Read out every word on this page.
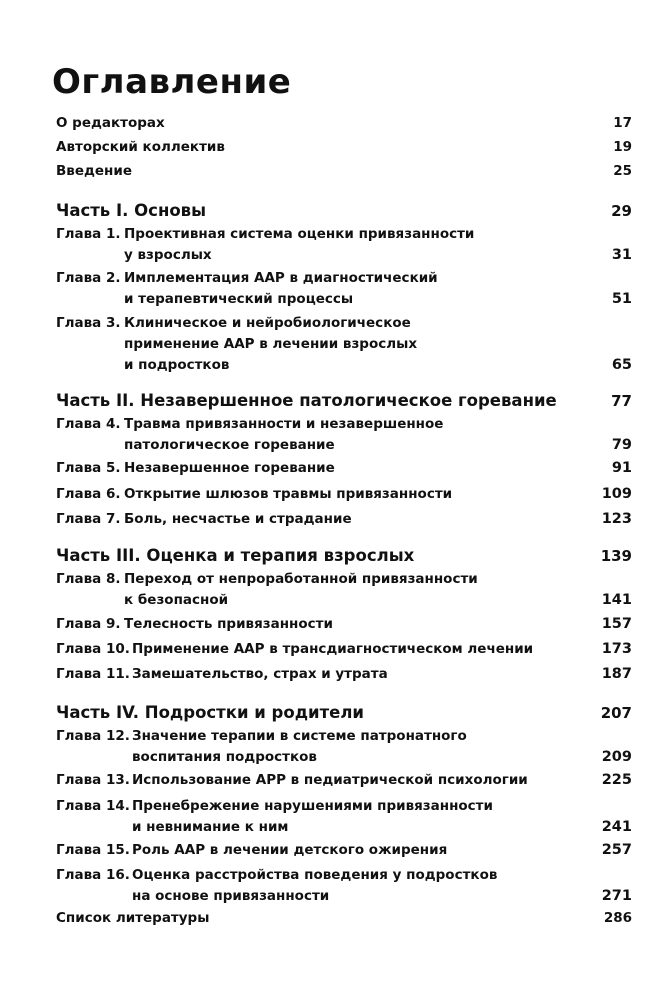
Оглавление
О редакторах	17
Авторский коллектив	19
Введение	25
Часть I. Основы	29
Глава 1. Проективная система оценки привязанности
у взрослых	31
Глава 2. Имплементация AAP в диагностический
и терапевтический процессы	51
Глава 3. Клиническое и нейробиологическое
применение AAP в лечении взрослых
и подростков	65
Часть II. Незавершенное патологическое горевание	77
Глава 4. Травма привязанности и незавершенное
патологическое горевание	79
Глава 5. Незавершенное горевание	91
Глава 6. Открытие шлюзов травмы привязанности	109
Глава 7. Боль, несчастье и страдание	123
Часть III. Оценка и терапия взрослых	139
Глава 8. Переход от непроработанной привязанности
к безопасной	141
Глава 9. Телесность привязанности	157
Глава 10. Применение AAP в трансдиагностическом лечении	173
Глава 11. Замешательство, страх и утрата	187
Часть IV. Подростки и родители	207
Глава 12. Значение терапии в системе патронатного
воспитания подростков	209
Глава 13. Использование APP в педиатрической психологии	225
Глава 14. Пренебрежение нарушениями привязанности
и невнимание к ним	241
Глава 15. Роль AAP в лечении детского ожирения	257
Глава 16. Оценка расстройства поведения у подростков
на основе привязанности	271
Список литературы	286
